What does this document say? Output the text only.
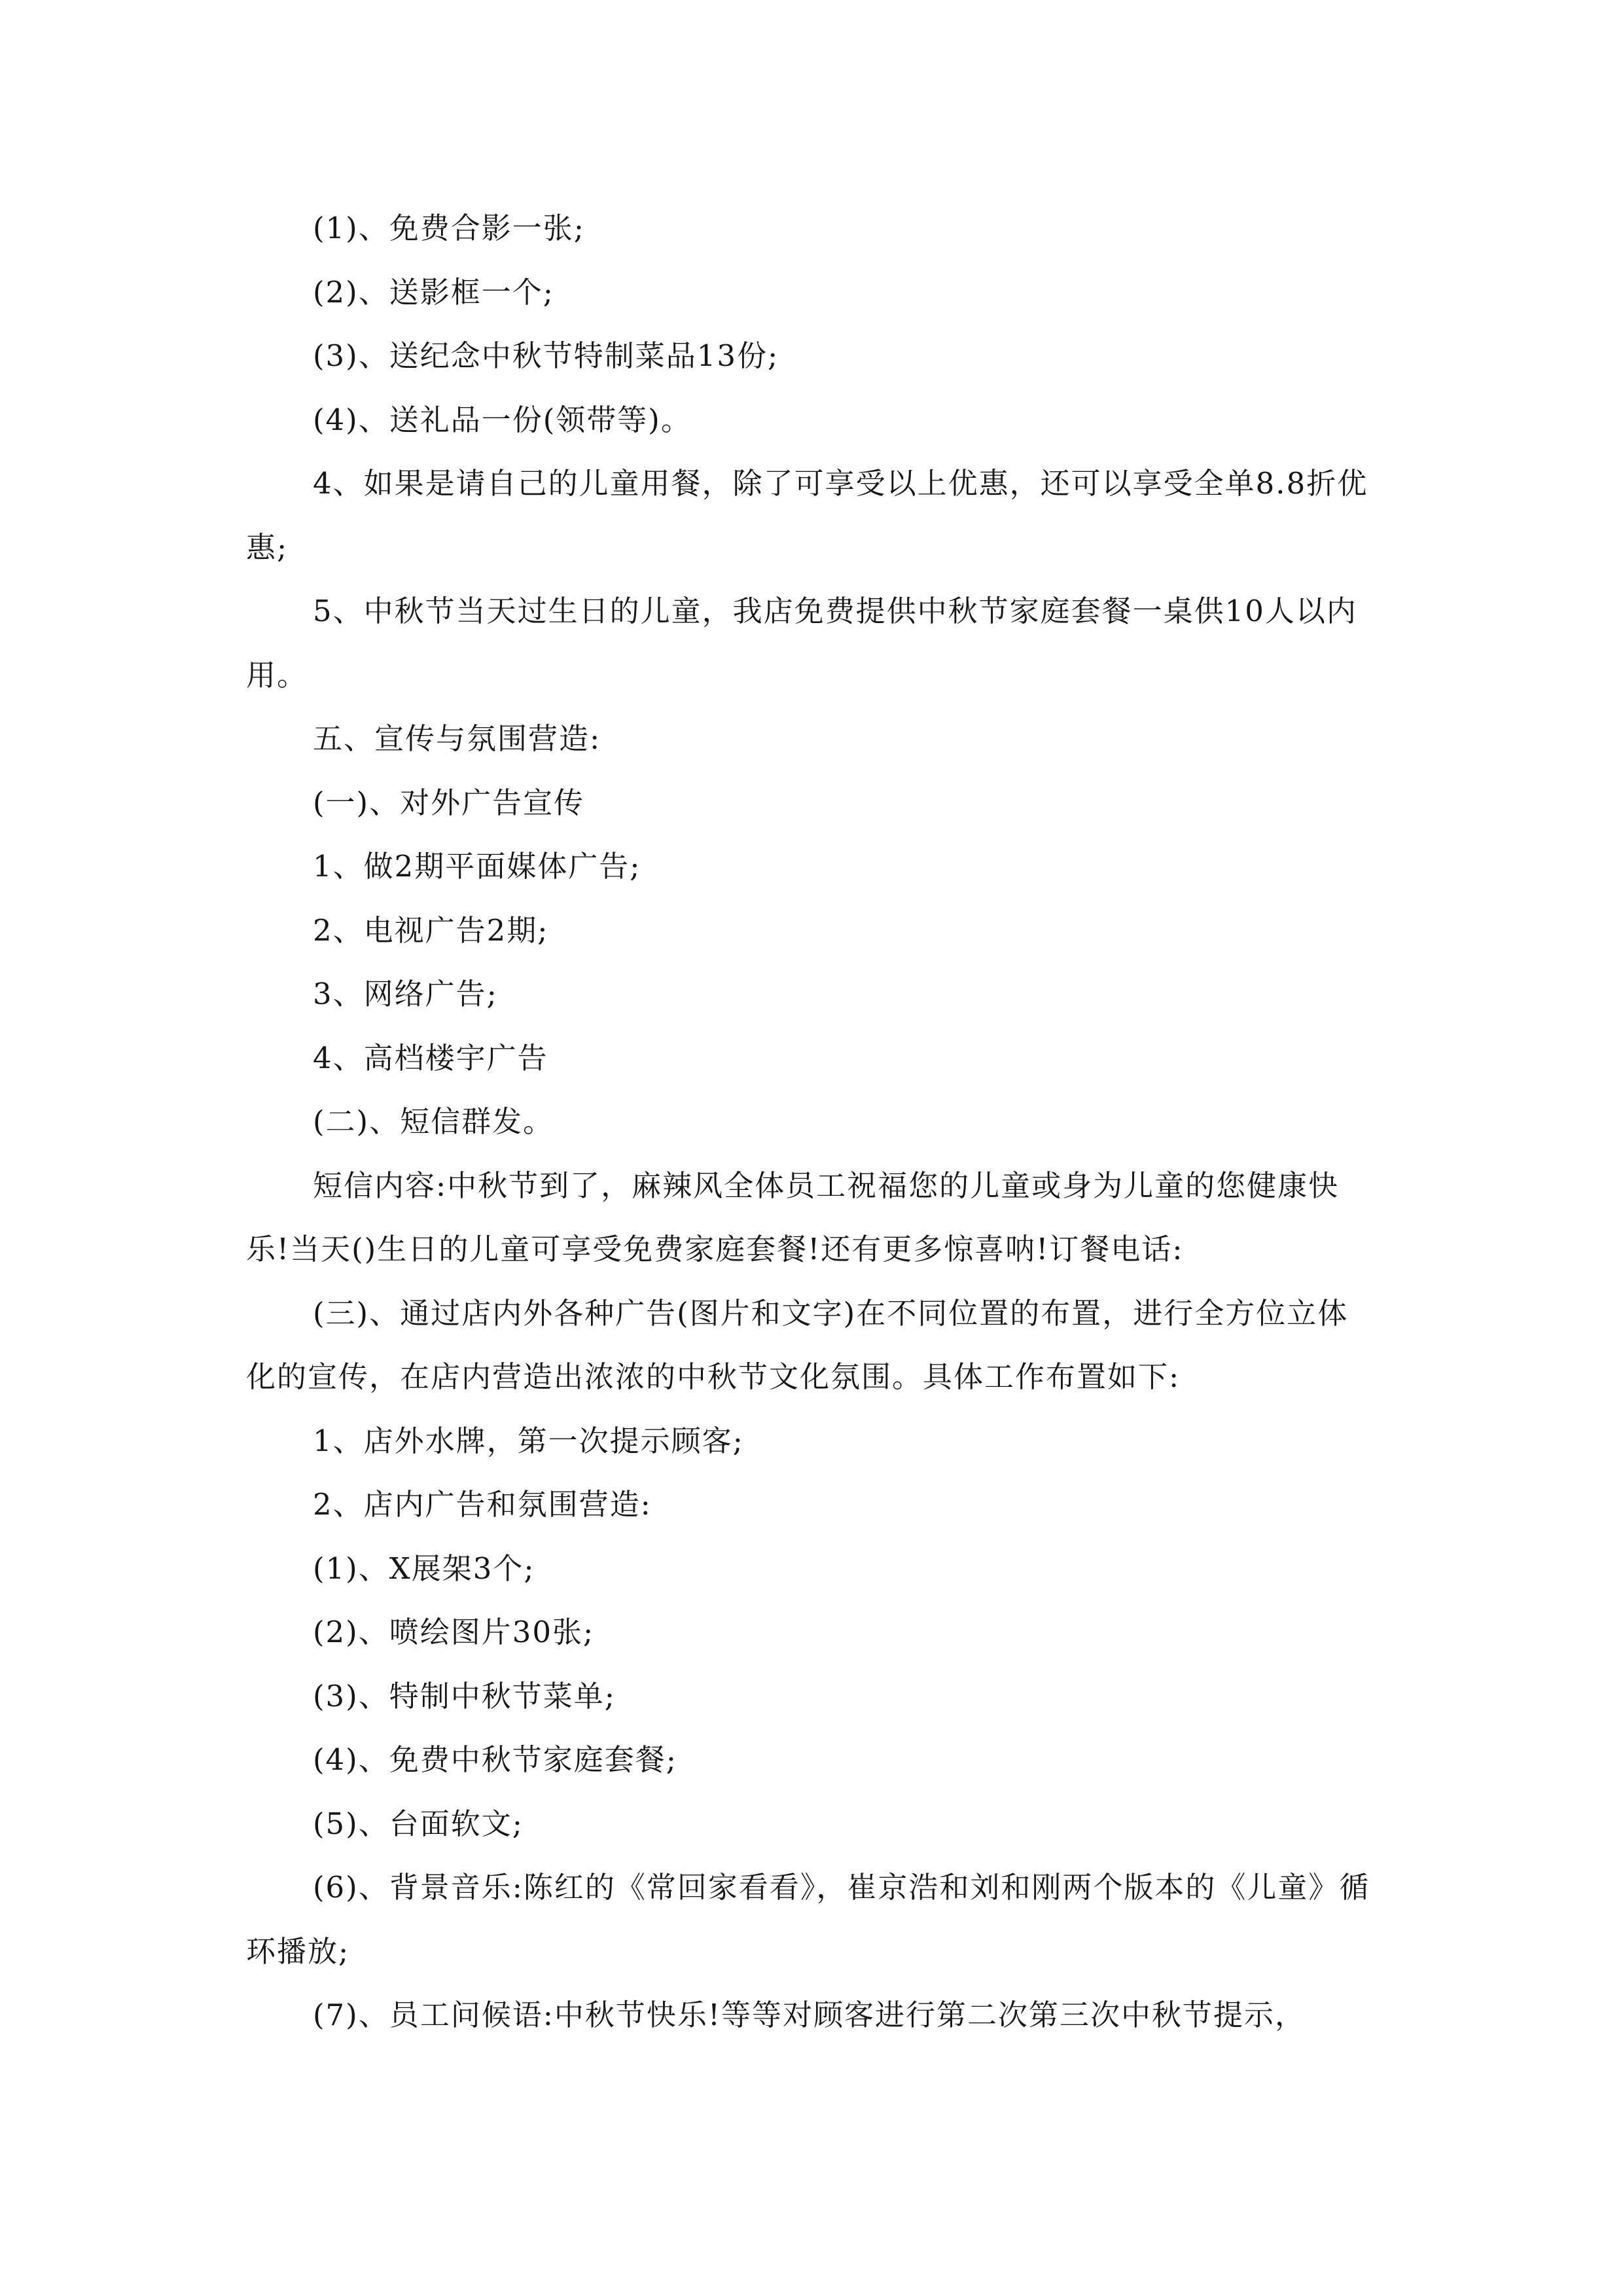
(1)、免费合影一张;

(2)、送影框一个;

(3)、送纪念中秋节特制菜品13份;

(4)、送礼品一份(领带等)。

4、如果是请自己的儿童用餐，除了可享受以上优惠，还可以享受全单8.8折优惠;

5、中秋节当天过生日的儿童，我店免费提供中秋节家庭套餐一桌供10人以内用。

五、宣传与氛围营造:

(一)、对外广告宣传

1、做2期平面媒体广告;

2、电视广告2期;

3、网络广告;

4、高档楼宇广告

(二)、短信群发。

短信内容:中秋节到了，麻辣风全体员工祝福您的儿童或身为儿童的您健康快乐!当天()生日的儿童可享受免费家庭套餐!还有更多惊喜呐!订餐电话:

(三)、通过店内外各种广告(图片和文字)在不同位置的布置，进行全方位立体化的宣传，在店内营造出浓浓的中秋节文化氛围。具体工作布置如下:

1、店外水牌，第一次提示顾客;

2、店内广告和氛围营造:

(1)、X展架3个;

(2)、喷绘图片30张;

(3)、特制中秋节菜单;

(4)、免费中秋节家庭套餐;

(5)、台面软文;

(6)、背景音乐:陈红的《常回家看看》，崔京浩和刘和刚两个版本的《儿童》循环播放;

(7)、员工问候语:中秋节快乐!等等对顾客进行第二次第三次中秋节提示，
